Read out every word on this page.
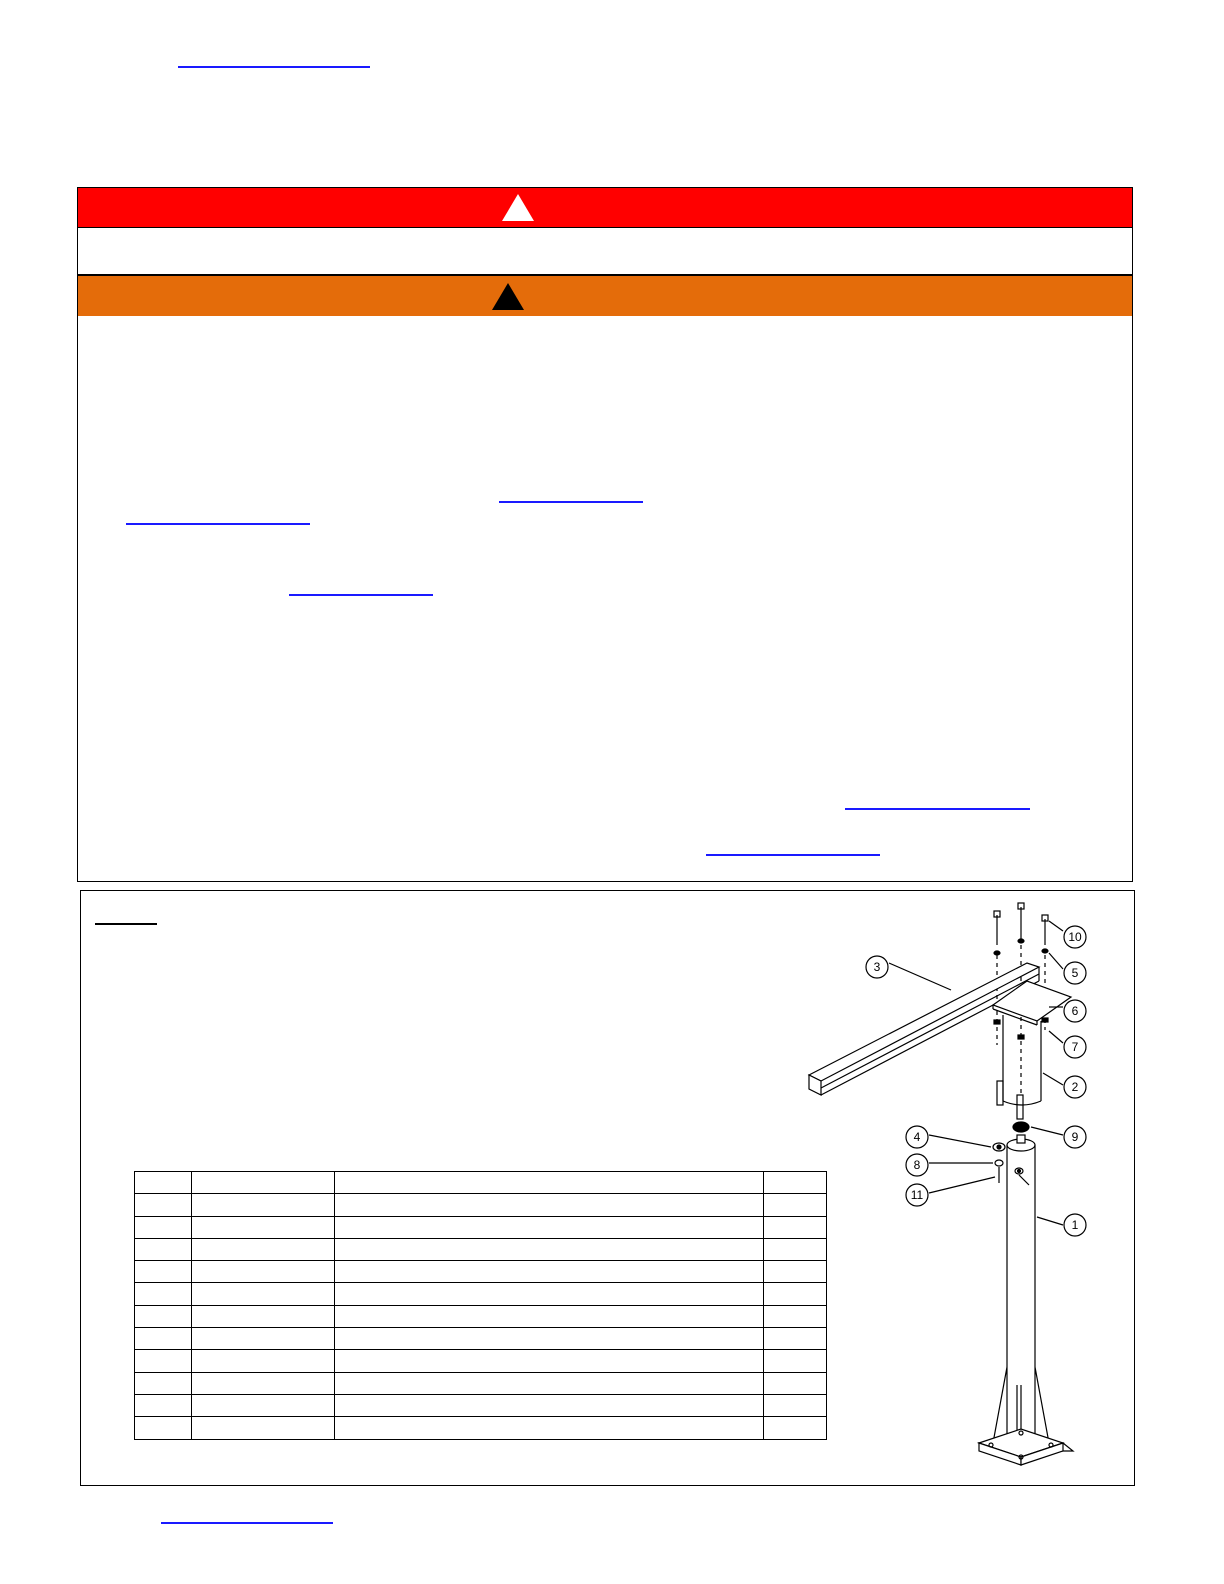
10
5
3
6
7
2
4	9
8
11
1
